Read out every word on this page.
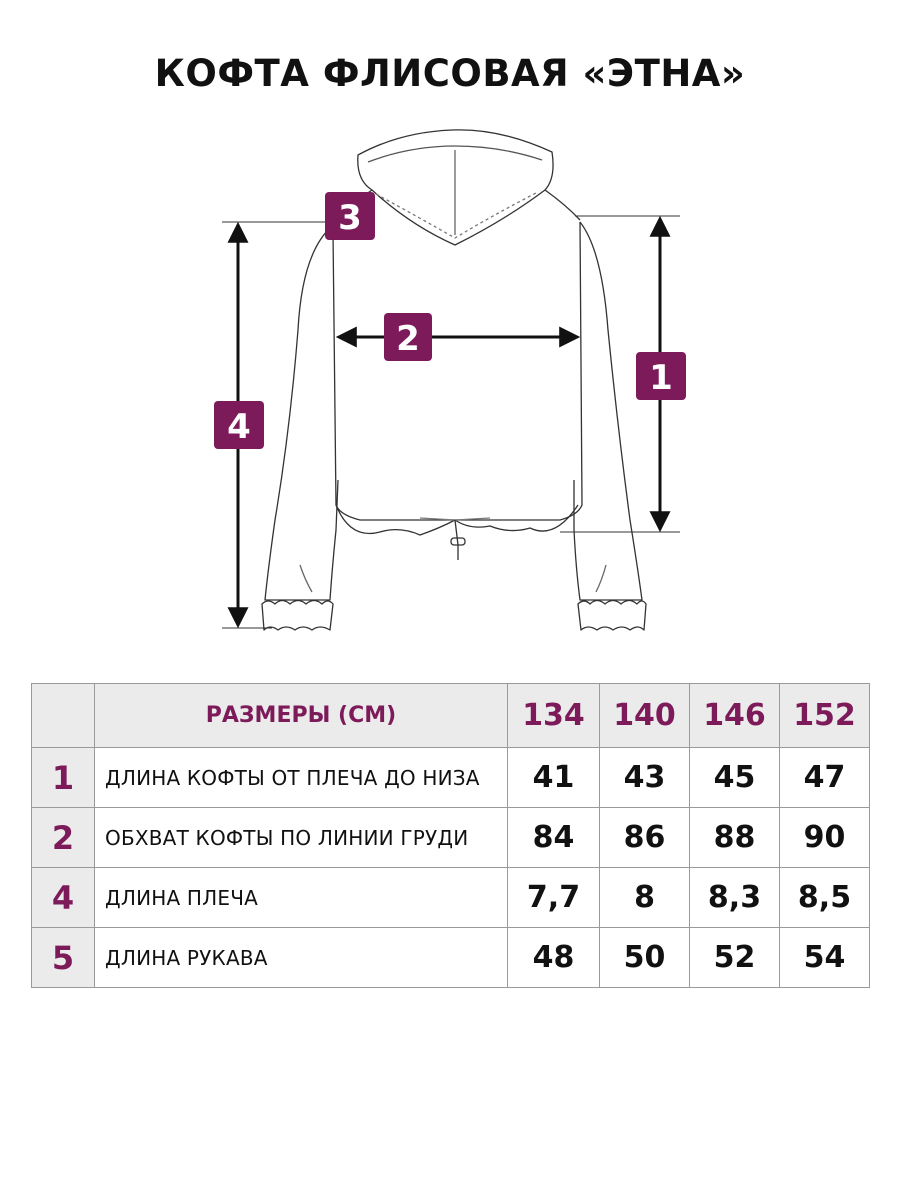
КОФТА ФЛИСОВАЯ «ЭТНА»
3
2
1
4
	РАЗМЕРЫ (СМ)	134	140	146	152
1	ДЛИНА КОФТЫ ОТ ПЛЕЧА ДО НИЗА	41	43	45	47
2	ОБХВАТ КОФТЫ ПО ЛИНИИ ГРУДИ	84	86	88	90
4	ДЛИНА ПЛЕЧА	7,7	8	8,3	8,5
5	ДЛИНА РУКАВА	48	50	52	54
